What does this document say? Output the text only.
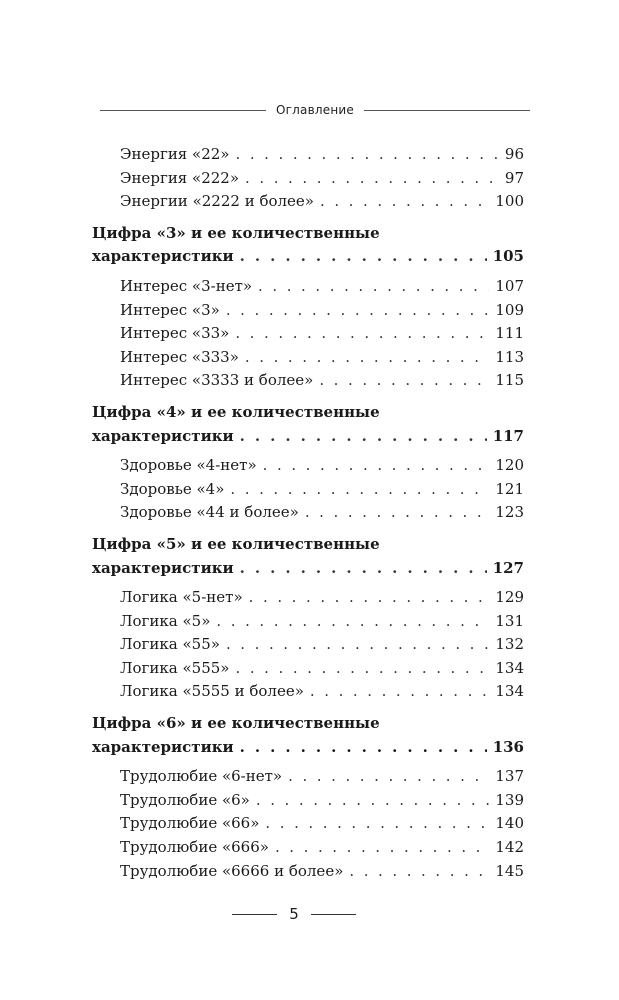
Оглавление
Энергия «22» . . .	96
Энергия «222» . . .	97
Энергии «2222 и более» . . .	100
Цифра «3» и ее количественные
характеристики . . .	105
Интерес «3-нет» . . .	107
Интерес «3» . . .	109
Интерес «33» . . .	111
Интерес «333» . . .	113
Интерес «3333 и более» . . .	115
Цифра «4» и ее количественные
характеристики . . .	117
Здоровье «4-нет» . . .	120
Здоровье «4» . . .	121
Здоровье «44 и более» . . .	123
Цифра «5» и ее количественные
характеристики . . .	127
Логика «5-нет» . . .	129
Логика «5» . . .	131
Логика «55» . . .	132
Логика «555» . . .	134
Логика «5555 и более» . . .	134
Цифра «6» и ее количественные
характеристики . . .	136
Трудолюбие «6-нет» . . .	137
Трудолюбие «6» . . .	139
Трудолюбие «66» . . .	140
Трудолюбие «666» . . .	142
Трудолюбие «6666 и более» . . .	145
5
